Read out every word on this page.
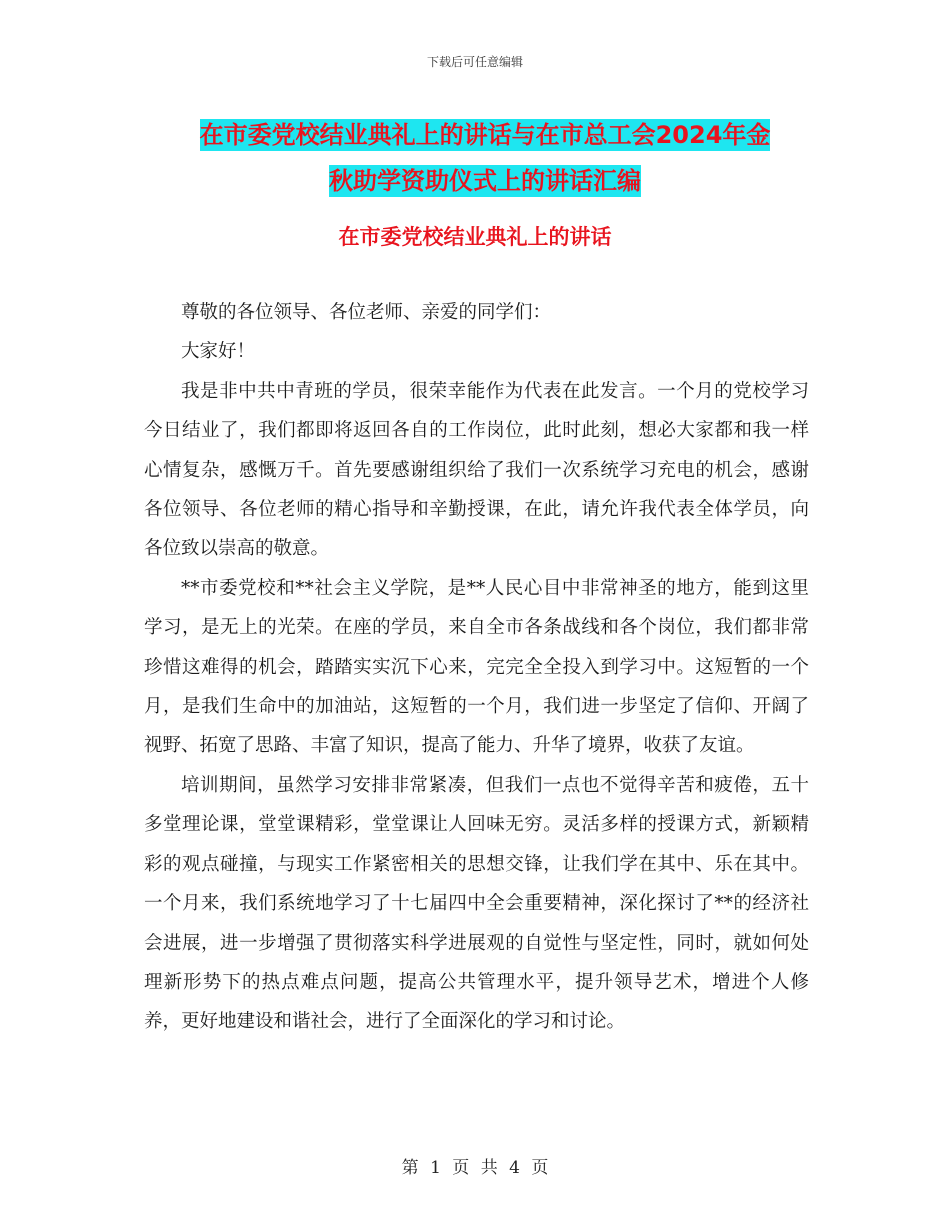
下载后可任意编辑
在市委党校结业典礼上的讲话与在市总工会2024年金
秋助学资助仪式上的讲话汇编
在市委党校结业典礼上的讲话

尊敬的各位领导、各位老师、亲爱的同学们：

大家好！

我是非中共中青班的学员，很荣幸能作为代表在此发言。一个月的党校学习今日结业了，我们都即将返回各自的工作岗位，此时此刻，想必大家都和我一样心情复杂，感慨万千。首先要感谢组织给了我们一次系统学习充电的机会，感谢各位领导、各位老师的精心指导和辛勤授课，在此，请允许我代表全体学员，向各位致以崇高的敬意。

**市委党校和**社会主义学院，是**人民心目中非常神圣的地方，能到这里学习，是无上的光荣。在座的学员，来自全市各条战线和各个岗位，我们都非常珍惜这难得的机会，踏踏实实沉下心来，完完全全投入到学习中。这短暂的一个月，是我们生命中的加油站，这短暂的一个月，我们进一步坚定了信仰、开阔了视野、拓宽了思路、丰富了知识，提高了能力、升华了境界，收获了友谊。

培训期间，虽然学习安排非常紧凑，但我们一点也不觉得辛苦和疲倦，五十多堂理论课，堂堂课精彩，堂堂课让人回味无穷。灵活多样的授课方式，新颖精彩的观点碰撞，与现实工作紧密相关的思想交锋，让我们学在其中、乐在其中。一个月来，我们系统地学习了十七届四中全会重要精神，深化探讨了**的经济社会进展，进一步增强了贯彻落实科学进展观的自觉性与坚定性，同时，就如何处理新形势下的热点难点问题，提高公共管理水平，提升领导艺术，增进个人修养，更好地建设和谐社会，进行了全面深化的学习和讨论。

第 1 页 共 4 页
